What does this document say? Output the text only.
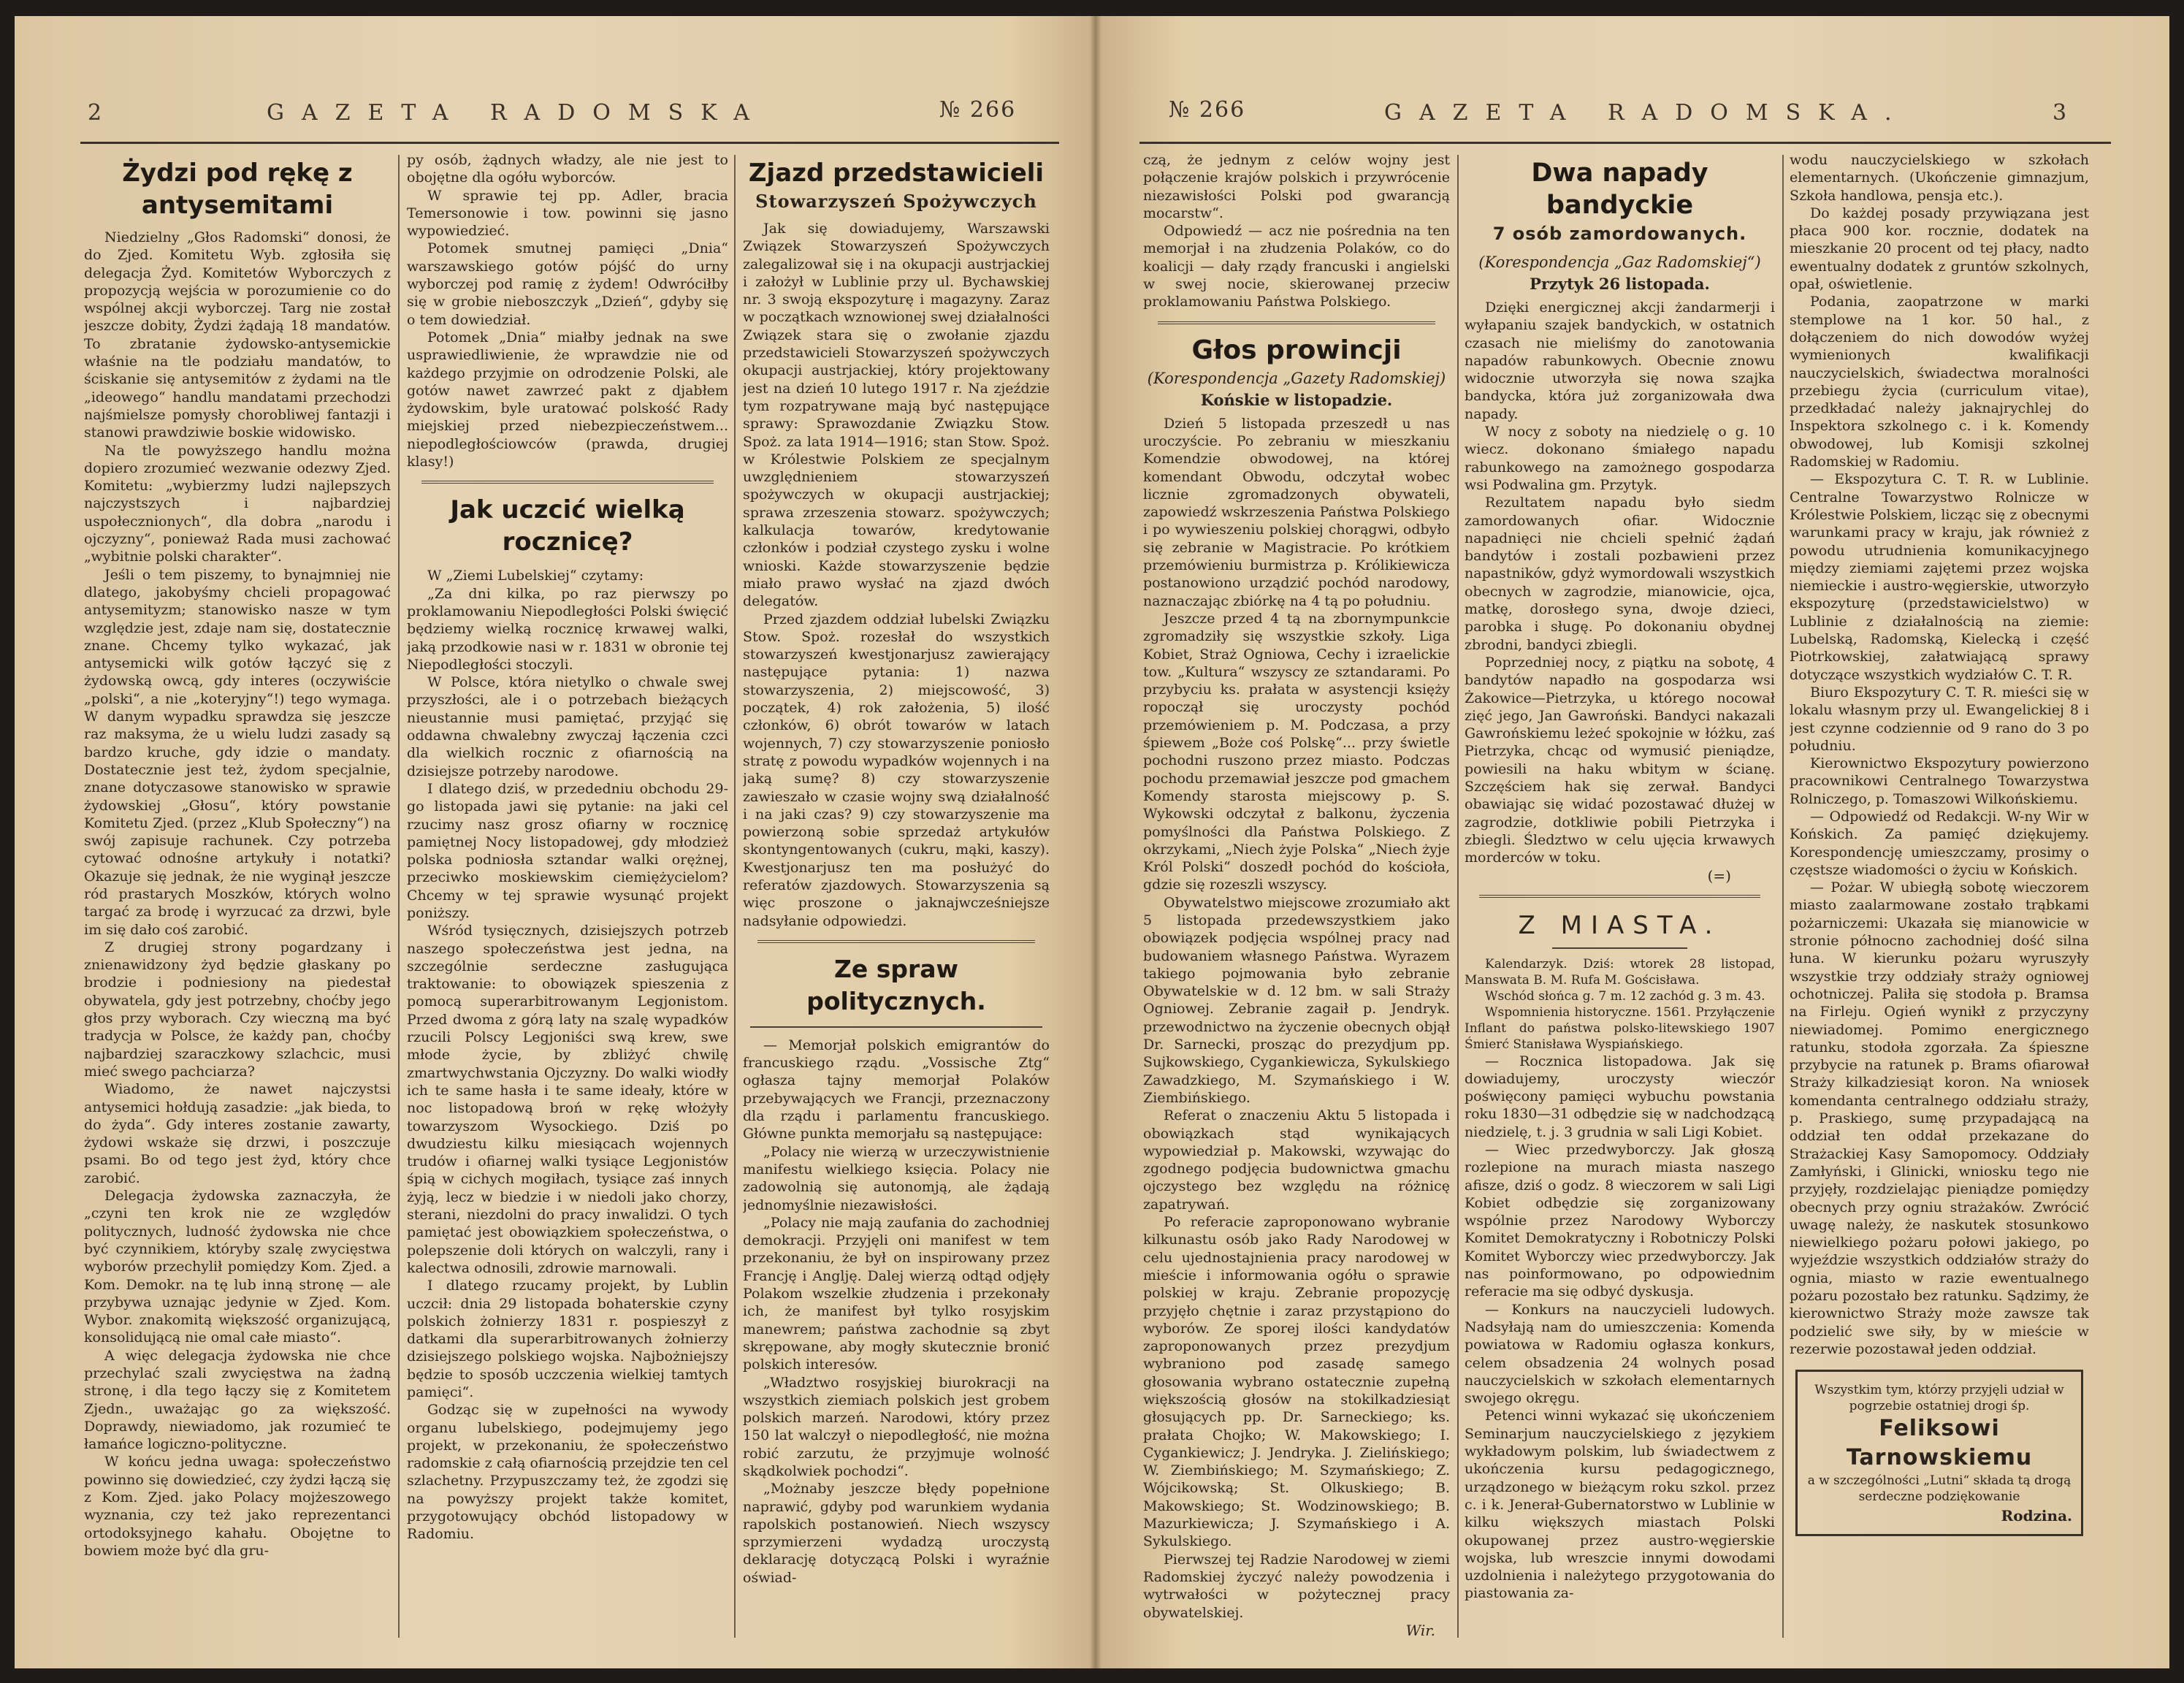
2	GAZETA RADOMSKA	№ 266
Żydzi pod rękę z antysemitami

Niedzielny „Głos Radomski“ donosi, że do Zjed. Komitetu Wyb. zgłosiła się delegacja Żyd. Komitetów Wyborczych z propozycją wejścia w porozumienie co do wspólnej akcji wyborczej. Targ nie został jeszcze dobity, Żydzi żądają 18 mandatów. To zbratanie żydowsko-antysemickie właśnie na tle podziału mandatów, to ściskanie się antysemitów z żydami na tle „ideowego“ handlu mandatami przechodzi najśmielsze pomysły chorobliwej fantazji i stanowi prawdziwie boskie widowisko.

Na tle powyższego handlu można dopiero zrozumieć wezwanie odezwy Zjed. Komitetu: „wybierzmy ludzi najlepszych najczystszych i najbardziej uspołecznionych“, dla dobra „narodu i ojczyzny“, ponieważ Rada musi zachować „wybitnie polski charakter“.

Jeśli o tem piszemy, to bynajmniej nie dlatego, jakobyśmy chcieli propagować antysemityzm; stanowisko nasze w tym względzie jest, zdaje nam się, dostatecznie znane. Chcemy tylko wykazać, jak antysemicki wilk gotów łączyć się z żydowską owcą, gdy interes (oczywiście „polski“, a nie „koteryjny“!) tego wymaga. W danym wypadku sprawdza się jeszcze raz maksyma, że u wielu ludzi zasady są bardzo kruche, gdy idzie o mandaty. Dostatecznie jest też, żydom specjalnie, znane dotyczasowe stanowisko w sprawie żydowskiej „Głosu“, który powstanie Komitetu Zjed. (przez „Klub Społeczny“) na swój zapisuje rachunek. Czy potrzeba cytować odnośne artykuły i notatki? Okazuje się jednak, że nie wyginął jeszcze ród prastarych Moszków, których wolno targać za brodę i wyrzucać za drzwi, byle im się dało coś zarobić.

Z drugiej strony pogardzany i znienawidzony żyd będzie głaskany po brodzie i podniesiony na piedestał obywatela, gdy jest potrzebny, choćby jego głos przy wyborach. Czy wieczną ma być tradycja w Polsce, że każdy pan, choćby najbardziej szaraczkowy szlachcic, musi mieć swego pachciarza?

Wiadomo, że nawet najczystsi antysemici hołdują zasadzie: „jak bieda, to do żyda“. Gdy interes zostanie zawarty, żydowi wskaże się drzwi, i poszczuje psami. Bo od tego jest żyd, który chce zarobić.

Delegacja żydowska zaznaczyła, że „czyni ten krok nie ze względów politycznych, ludność żydowska nie chce być czynnikiem, któryby szalę zwycięstwa wyborów przechylił pomiędzy Kom. Zjed. a Kom. Demokr. na tę lub inną stronę — ale przybywa uznając jedynie w Zjed. Kom. Wybor. znakomitą większość organizującą, konsolidującą nie omal całe miasto“.

A więc delegacja żydowska nie chce przechylać szali zwycięstwa na żadną stronę, i dla tego łączy się z Komitetem Zjedn., uważając go za większość. Doprawdy, niewiadomo, jak rozumieć te łamańce logiczno-polityczne.

W końcu jedna uwaga: społeczeństwo powinno się dowiedzieć, czy żydzi łączą się z Kom. Zjed. jako Polacy mojżeszowego wyznania, czy też jako reprezentanci ortodoksyjnego kahału. Obojętne to bowiem może być dla gru-

py osób, żądnych władzy, ale nie jest to obojętne dla ogółu wyborców.

W sprawie tej pp. Adler, bracia Temersonowie i tow. powinni się jasno wypowiedzieć.

Potomek smutnej pamięci „Dnia“ warszawskiego gotów pójść do urny wyborczej pod ramię z żydem! Odwróciłby się w grobie nieboszczyk „Dzień“, gdyby się o tem dowiedział.

Potomek „Dnia“ miałby jednak na swe usprawiedliwienie, że wprawdzie nie od każdego przyjmie on odrodzenie Polski, ale gotów nawet zawrzeć pakt z djabłem żydowskim, byle uratować polskość Rady miejskiej przed niebezpieczeństwem... niepodległościowców (prawda, drugiej klasy!)

Jak uczcić wielką rocznicę?

W „Ziemi Lubelskiej“ czytamy:

„Za dni kilka, po raz pierwszy po proklamowaniu Niepodległości Polski święcić będziemy wielką rocznicę krwawej walki, jaką przodkowie nasi w r. 1831 w obronie tej Niepodległości stoczyli.

W Polsce, która nietylko o chwale swej przyszłości, ale i o potrzebach bieżących nieustannie musi pamiętać, przyjąć się oddawna chwalebny zwyczaj łączenia czci dla wielkich rocznic z ofiarnością na dzisiejsze potrzeby narodowe.

I dlatego dziś, w przededniu obchodu 29-go listopada jawi się pytanie: na jaki cel rzucimy nasz grosz ofiarny w rocznicę pamiętnej Nocy listopadowej, gdy młodzież polska podniosła sztandar walki orężnej, przeciwko moskiewskim ciemiężycielom? Chcemy w tej sprawie wysunąć projekt poniższy.

Wśród tysięcznych, dzisiejszych potrzeb naszego społeczeństwa jest jedna, na szczególnie serdeczne zasługująca traktowanie: to obowiązek spieszenia z pomocą superarbitrowanym Legjonistom. Przed dwoma z górą laty na szalę wypadków rzucili Polscy Legjoniści swą krew, swe młode życie, by zbliżyć chwilę zmartwychwstania Ojczyzny. Do walki wiodły ich te same hasła i te same ideały, które w noc listopadową broń w rękę włożyły towarzyszom Wysockiego. Dziś po dwudziestu kilku miesiącach wojennych trudów i ofiarnej walki tysiące Legjonistów śpią w cichych mogiłach, tysiące zaś innych żyją, lecz w biedzie i w niedoli jako chorzy, sterani, niezdolni do pracy inwalidzi. O tych pamiętać jest obowiązkiem społeczeństwa, o polepszenie doli których on walczyli, rany i kalectwa odnosili, zdrowie marnowali.

I dlatego rzucamy projekt, by Lublin uczcił: dnia 29 listopada bohaterskie czyny polskich żołnierzy 1831 r. pospieszył z datkami dla superarbitrowanych żołnierzy dzisiejszego polskiego wojska. Najbożniejszy będzie to sposób uczczenia wielkiej tamtych pamięci“.

Godząc się w zupełności na wywody organu lubelskiego, podejmujemy jego projekt, w przekonaniu, że społeczeństwo radomskie z całą ofiarnością przejdzie ten cel szlachetny. Przypuszczamy też, że zgodzi się na powyższy projekt także komitet, przygotowujący obchód listopadowy w Radomiu.

Zjazd przedstawicieli
Stowarzyszeń Spożywczych

Jak się dowiadujemy, Warszawski Związek Stowarzyszeń Spożywczych zalegalizował się i na okupacji austrjackiej i założył w Lublinie przy ul. Bychawskiej nr. 3 swoją ekspozyturę i magazyny. Zaraz w początkach wznowionej swej działalności Związek stara się o zwołanie zjazdu przedstawicieli Stowarzyszeń spożywczych okupacji austrjackiej, który projektowany jest na dzień 10 lutego 1917 r. Na zjeździe tym rozpatrywane mają być następujące sprawy: Sprawozdanie Związku Stow. Spoż. za lata 1914—1916; stan Stow. Spoż. w Królestwie Polskiem ze specjalnym uwzględnieniem stowarzyszeń spożywczych w okupacji austrjackiej; sprawa zrzeszenia stowarz. spożywczych; kalkulacja towarów, kredytowanie członków i podział czystego zysku i wolne wnioski. Każde stowarzyszenie będzie miało prawo wysłać na zjazd dwóch delegatów.

Przed zjazdem oddział lubelski Związku Stow. Spoż. rozesłał do wszystkich stowarzyszeń kwestjonarjusz zawierający następujące pytania: 1) nazwa stowarzyszenia, 2) miejscowość, 3) początek, 4) rok założenia, 5) ilość członków, 6) obrót towarów w latach wojennych, 7) czy stowarzyszenie poniosło stratę z powodu wypadków wojennych i na jaką sumę? 8) czy stowarzyszenie zawieszało w czasie wojny swą działalność i na jaki czas? 9) czy stowarzyszenie ma powierzoną sobie sprzedaż artykułów skontyngentowanych (cukru, mąki, kaszy). Kwestjonarjusz ten ma posłużyć do referatów zjazdowych. Stowarzyszenia są więc proszone o jaknajwcześniejsze nadsyłanie odpowiedzi.

Ze spraw politycznych.

— Memorjał polskich emigrantów do francuskiego rządu. „Vossische Ztg“ ogłasza tajny memorjał Polaków przebywających we Francji, przeznaczony dla rządu i parlamentu francuskiego. Główne punkta memorjału są następujące:

„Polacy nie wierzą w urzeczywistnienie manifestu wielkiego księcia. Polacy nie zadowolnią się autonomją, ale żądają jednomyślnie niezawisłości.

„Polacy nie mają zaufania do zachodniej demokracji. Przyjęli oni manifest w tem przekonaniu, że był on inspirowany przez Francję i Anglję. Dalej wierzą odtąd odjęły Polakom wszelkie złudzenia i przekonały ich, że manifest był tylko rosyjskim manewrem; państwa zachodnie są zbyt skrępowane, aby mogły skutecznie bronić polskich interesów.

„Władztwo rosyjskiej biurokracji na wszystkich ziemiach polskich jest grobem polskich marzeń. Narodowi, który przez 150 lat walczył o niepodległość, nie można robić zarzutu, że przyjmuje wolność skądkolwiek pochodzi“.

„Możnaby jeszcze błędy popełnione naprawić, gdyby pod warunkiem wydania rapolskich postanowień. Niech wszyscy sprzymierzeni wydadzą uroczystą deklarację dotyczącą Polski i wyraźnie oświad-

№ 266	GAZETA RADOMSKA.	3

czą, że jednym z celów wojny jest połączenie krajów polskich i przywrócenie niezawisłości Polski pod gwarancją mocarstw“.

Odpowiedź — acz nie pośrednia na ten memorjał i na złudzenia Polaków, co do koalicji — dały rządy francuski i angielski w swej nocie, skierowanej przeciw proklamowaniu Państwa Polskiego.

Głos prowincji
(Korespondencja „Gazety Radomskiej)
Końskie w listopadzie.

Dzień 5 listopada przeszedł u nas uroczyście. Po zebraniu w mieszkaniu Komendzie obwodowej, na której komendant Obwodu, odczytał wobec licznie zgromadzonych obywateli, zapowiedź wskrzeszenia Państwa Polskiego i po wywieszeniu polskiej chorągwi, odbyło się zebranie w Magistracie. Po krótkiem przemówieniu burmistrza p. Królikiewicza postanowiono urządzić pochód narodowy, naznaczając zbiórkę na 4 tą po południu.

Jeszcze przed 4 tą na zbornympunkcie zgromadziły się wszystkie szkoły. Liga Kobiet, Straż Ogniowa, Cechy i izraelickie tow. „Kultura“ wszyscy ze sztandarami. Po przybyciu ks. prałata w asystencji księży ropoczął się uroczysty pochód przemówieniem p. M. Podczasa, a przy śpiewem „Boże coś Polskę“... przy świetle pochodni ruszono przez miasto. Podczas pochodu przemawiał jeszcze pod gmachem Komendy starosta miejscowy p. S. Wykowski odczytał z balkonu, życzenia pomyślności dla Państwa Polskiego. Z okrzykami, „Niech żyje Polska“ „Niech żyje Król Polski“ doszedł pochód do kościoła, gdzie się rozeszli wszyscy.

Obywatelstwo miejscowe zrozumiało akt 5 listopada przedewszystkiem jako obowiązek podjęcia wspólnej pracy nad budowaniem własnego Państwa. Wyrazem takiego pojmowania było zebranie Obywatelskie w d. 12 bm. w sali Straży Ogniowej. Zebranie zagaił p. Jendryk. przewodnictwo na życzenie obecnych objął Dr. Sarnecki, prosząc do prezydjum pp. Sujkowskiego, Cygankiewicza, Sykulskiego Zawadzkiego, M. Szymańskiego i W. Ziembińskiego.

Referat o znaczeniu Aktu 5 listopada i obowiązkach stąd wynikających wypowiedział p. Makowski, wzywając do zgodnego podjęcia budownictwa gmachu ojczystego bez względu na różnicę zapatrywań.

Po referacie zaproponowano wybranie kilkunastu osób jako Rady Narodowej w celu ujednostajnienia pracy narodowej w mieście i informowania ogółu o sprawie polskiej w kraju. Zebranie propozycję przyjęło chętnie i zaraz przystąpiono do wyborów. Ze sporej ilości kandydatów zaproponowanych przez prezydjum wybraniono pod zasadę samego głosowania wybrano ostatecznie zupełną większością głosów na stokilkadziesiąt głosujących pp. Dr. Sarneckiego; ks. prałata Chojko; W. Makowskiego; I. Cygankiewicz; J. Jendryka. J. Zielińskiego; W. Ziembińskiego; M. Szymańskiego; Z. Wójcikowską; St. Olkuskiego; B. Makowskiego; St. Wodzinowskiego; B. Mazurkiewicza; J. Szymańskiego i A. Sykulskiego.

Pierwszej tej Radzie Narodowej w ziemi Radomskiej życzyć należy powodzenia i wytrwałości w pożytecznej pracy obywatelskiej.

Wir.
Dwa napady bandyckie
7 osób zamordowanych.
(Korespondencja „Gaz Radomskiej“)
Przytyk 26 listopada.

Dzięki energicznej akcji żandarmerji i wyłapaniu szajek bandyckich, w ostatnich czasach nie mieliśmy do zanotowania napadów rabunkowych. Obecnie znowu widocznie utworzyła się nowa szajka bandycka, która już zorganizowała dwa napady.

W nocy z soboty na niedzielę o g. 10 wiecz. dokonano śmiałego napadu rabunkowego na zamożnego gospodarza wsi Podwalina gm. Przytyk.

Rezultatem napadu było siedm zamordowanych ofiar. Widocznie napadnięci nie chcieli spełnić żądań bandytów i zostali pozbawieni przez napastników, gdyż wymordowali wszystkich obecnych w zagrodzie, mianowicie, ojca, matkę, dorosłego syna, dwoje dzieci, parobka i sługę. Po dokonaniu obydnej zbrodni, bandyci zbiegli.

Poprzedniej nocy, z piątku na sobotę, 4 bandytów napadło na gospodarza wsi Żakowice—Pietrzyka, u którego nocował zięć jego, Jan Gawroński. Bandyci nakazali Gawrońskiemu leżeć spokojnie w łóżku, zaś Pietrzyka, chcąc od wymusić pieniądze, powiesili na haku wbitym w ścianę. Szczęściem hak się zerwał. Bandyci obawiając się widać pozostawać dłużej w zagrodzie, dotkliwie pobili Pietrzyka i zbiegli. Śledztwo w celu ujęcia krwawych morderców w toku.

(=)
Z MIASTA.

Kalendarzyk. Dziś: wtorek 28 listopad, Manswata B. M. Rufa M. Gościsława.

Wschód słońca g. 7 m. 12 zachód g. 3 m. 43.

Wspomnienia historyczne. 1561. Przyłączenie Inflant do państwa polsko-litewskiego 1907 Śmierć Stanisława Wyspiańskiego.

— Rocznica listopadowa. Jak się dowiadujemy, uroczysty wieczór poświęcony pamięci wybuchu powstania roku 1830—31 odbędzie się w nadchodzącą niedzielę, t. j. 3 grudnia w sali Ligi Kobiet.

— Wiec przedwyborczy. Jak głoszą rozlepione na murach miasta naszego afisze, dziś o godz. 8 wieczorem w sali Ligi Kobiet odbędzie się zorganizowany wspólnie przez Narodowy Wyborczy Komitet Demokratyczny i Robotniczy Polski Komitet Wyborczy wiec przedwyborczy. Jak nas poinformowano, po odpowiednim referacie ma się odbyć dyskusja.

— Konkurs na nauczycieli ludowych. Nadsyłają nam do umieszczenia: Komenda powiatowa w Radomiu ogłasza konkurs, celem obsadzenia 24 wolnych posad nauczycielskich w szkołach elementarnych swojego okręgu.

Petenci winni wykazać się ukończeniem Seminarjum nauczycielskiego z językiem wykładowym polskim, lub świadectwem z ukończenia kursu pedagogicznego, urządzonego w bieżącym roku szkol. przez c. i k. Jenerał-Gubernatorstwo w Lublinie w kilku większych miastach Polski okupowanej przez austro-węgierskie wojska, lub wreszcie innymi dowodami uzdolnienia i należytego przygotowania do piastowania za-

wodu nauczycielskiego w szkołach elementarnych. (Ukończenie gimnazjum, Szkoła handlowa, pensja etc.).

Do każdej posady przywiązana jest płaca 900 kor. rocznie, dodatek na mieszkanie 20 procent od tej płacy, nadto ewentualny dodatek z gruntów szkolnych, opał, oświetlenie.

Podania, zaopatrzone w marki stemplowe na 1 kor. 50 hal., z dołączeniem do nich dowodów wyżej wymienionych kwalifikacji nauczycielskich, świadectwa moralności przebiegu życia (curriculum vitae), przedkładać należy jaknajrychlej do Inspektora szkolnego c. i k. Komendy obwodowej, lub Komisji szkolnej Radomskiej w Radomiu.

— Ekspozytura C. T. R. w Lublinie. Centralne Towarzystwo Rolnicze w Królestwie Polskiem, licząc się z obecnymi warunkami pracy w kraju, jak również z powodu utrudnienia komunikacyjnego między ziemiami zajętemi przez wojska niemieckie i austro-węgierskie, utworzyło ekspozyturę (przedstawicielstwo) w Lublinie z działalnością na ziemie: Lubelską, Radomską, Kielecką i część Piotrkowskiej, załatwiającą sprawy dotyczące wszystkich wydziałów C. T. R.

Biuro Ekspozytury C. T. R. mieści się w lokalu własnym przy ul. Ewangelickiej 8 i jest czynne codziennie od 9 rano do 3 po południu.

Kierownictwo Ekspozytury powierzono pracownikowi Centralnego Towarzystwa Rolniczego, p. Tomaszowi Wilkońskiemu.

— Odpowiedź od Redakcji. W-ny Wir w Końskich. Za pamięć dziękujemy. Korespondencję umieszczamy, prosimy o częstsze wiadomości o życiu w Końskich.

— Pożar. W ubiegłą sobotę wieczorem miasto zaalarmowane zostało trąbkami pożarniczemi: Ukazała się mianowicie w stronie północno zachodniej dość silna łuna. W kierunku pożaru wyruszyły wszystkie trzy oddziały straży ogniowej ochotniczej. Paliła się stodoła p. Bramsa na Firleju. Ogień wynikł z przyczyny niewiadomej. Pomimo energicznego ratunku, stodoła zgorzała. Za śpieszne przybycie na ratunek p. Brams ofiarował Straży kilkadziesiąt koron. Na wniosek komendanta centralnego oddziału straży, p. Praskiego, sumę przypadającą na oddział ten oddał przekazane do Strażackiej Kasy Samopomocy. Oddziały Zamłyński, i Glinicki, wniosku tego nie przyjęły, rozdzielając pieniądze pomiędzy obecnych przy ogniu strażaków. Zwrócić uwagę należy, że naskutek stosunkowo niewielkiego pożaru połowi jakiego, po wyjeździe wszystkich oddziałów straży do ognia, miasto w razie ewentualnego pożaru pozostało bez ratunku. Sądzimy, że kierownictwo Straży może zawsze tak podzielić swe siły, by w mieście w rezerwie pozostawał jeden oddział.

Wszystkim tym, którzy przyjęli udział w pogrzebie ostatniej drogi śp.
Feliksowi Tarnowskiemu
a w szczególności „Lutni“ składa tą drogą serdeczne podziękowanie
Rodzina.
